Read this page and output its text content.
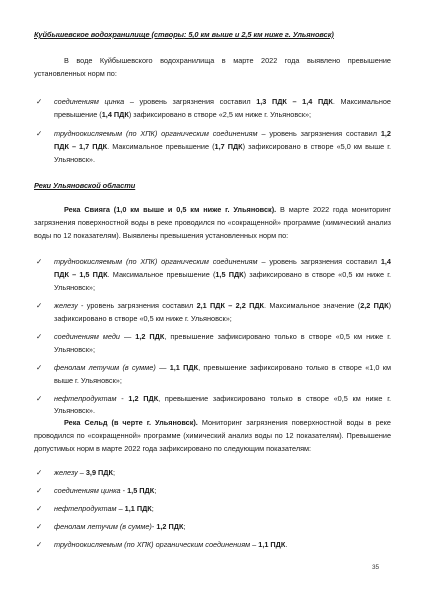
Куйбышевское водохранилище (створы: 5,0 км выше и 2,5 км ниже г. Ульяновск)

В воде Куйбышевского водохранилища в марте 2022 года выявлено превышение установленных норм по:

✓ соединениям цинка – уровень загрязнения составил 1,3 ПДК – 1,4 ПДК. Максимальное превышение (1,4 ПДК) зафиксировано в створе «2,5 км ниже г. Ульяновск»;
✓ трудноокисляемым (по ХПК) органическим соединениям – уровень загрязнения составил 1,2 ПДК – 1,7 ПДК. Максимальное превышение (1,7 ПДК) зафиксировано в створе «5,0 км выше г. Ульяновск».
Реки Ульяновской области

Река Свияга (1,0 км выше и 0,5 км ниже г. Ульяновск). В марте 2022 года мониторинг загрязнения поверхностной воды в реке проводился по «сокращенной» программе (химический анализ воды по 12 показателям). Выявлены превышения установленных норм по:

✓ трудноокисляемым (по ХПК) органическим соединениям – уровень загрязнения составил 1,4 ПДК – 1,5 ПДК. Максимальное превышение (1,5 ПДК) зафиксировано в створе «0,5 км ниже г. Ульяновск»;
✓ железу - уровень загрязнения составил 2,1 ПДК – 2,2 ПДК. Максимальное значение (2,2 ПДК) зафиксировано в створе «0,5 км ниже г. Ульяновск»;
✓ соединениям меди — 1,2 ПДК, превышение зафиксировано только в створе «0,5 км ниже г. Ульяновск»;
✓ фенолам летучим (в сумме) — 1,1 ПДК, превышение зафиксировано только в створе «1,0 км выше г. Ульяновск»;
✓ нефтепродуктам - 1,2 ПДК, превышение зафиксировано только в створе «0,5 км ниже г. Ульяновск».

Река Сельд (в черте г. Ульяновск). Мониторинг загрязнения поверхностной воды в реке проводился по «сокращенной» программе (химический анализ воды по 12 показателям). Превышение допустимых норм в марте 2022 года зафиксировано по следующим показателям:

✓ железу – 3,9 ПДК;
✓ соединениям цинка - 1,5 ПДК;
✓ нефтепродуктам – 1,1 ПДК;
✓ фенолам летучим (в сумме)- 1,2 ПДК;
✓ трудноокисляемым (по ХПК) органическим соединениям – 1,1 ПДК.
35
